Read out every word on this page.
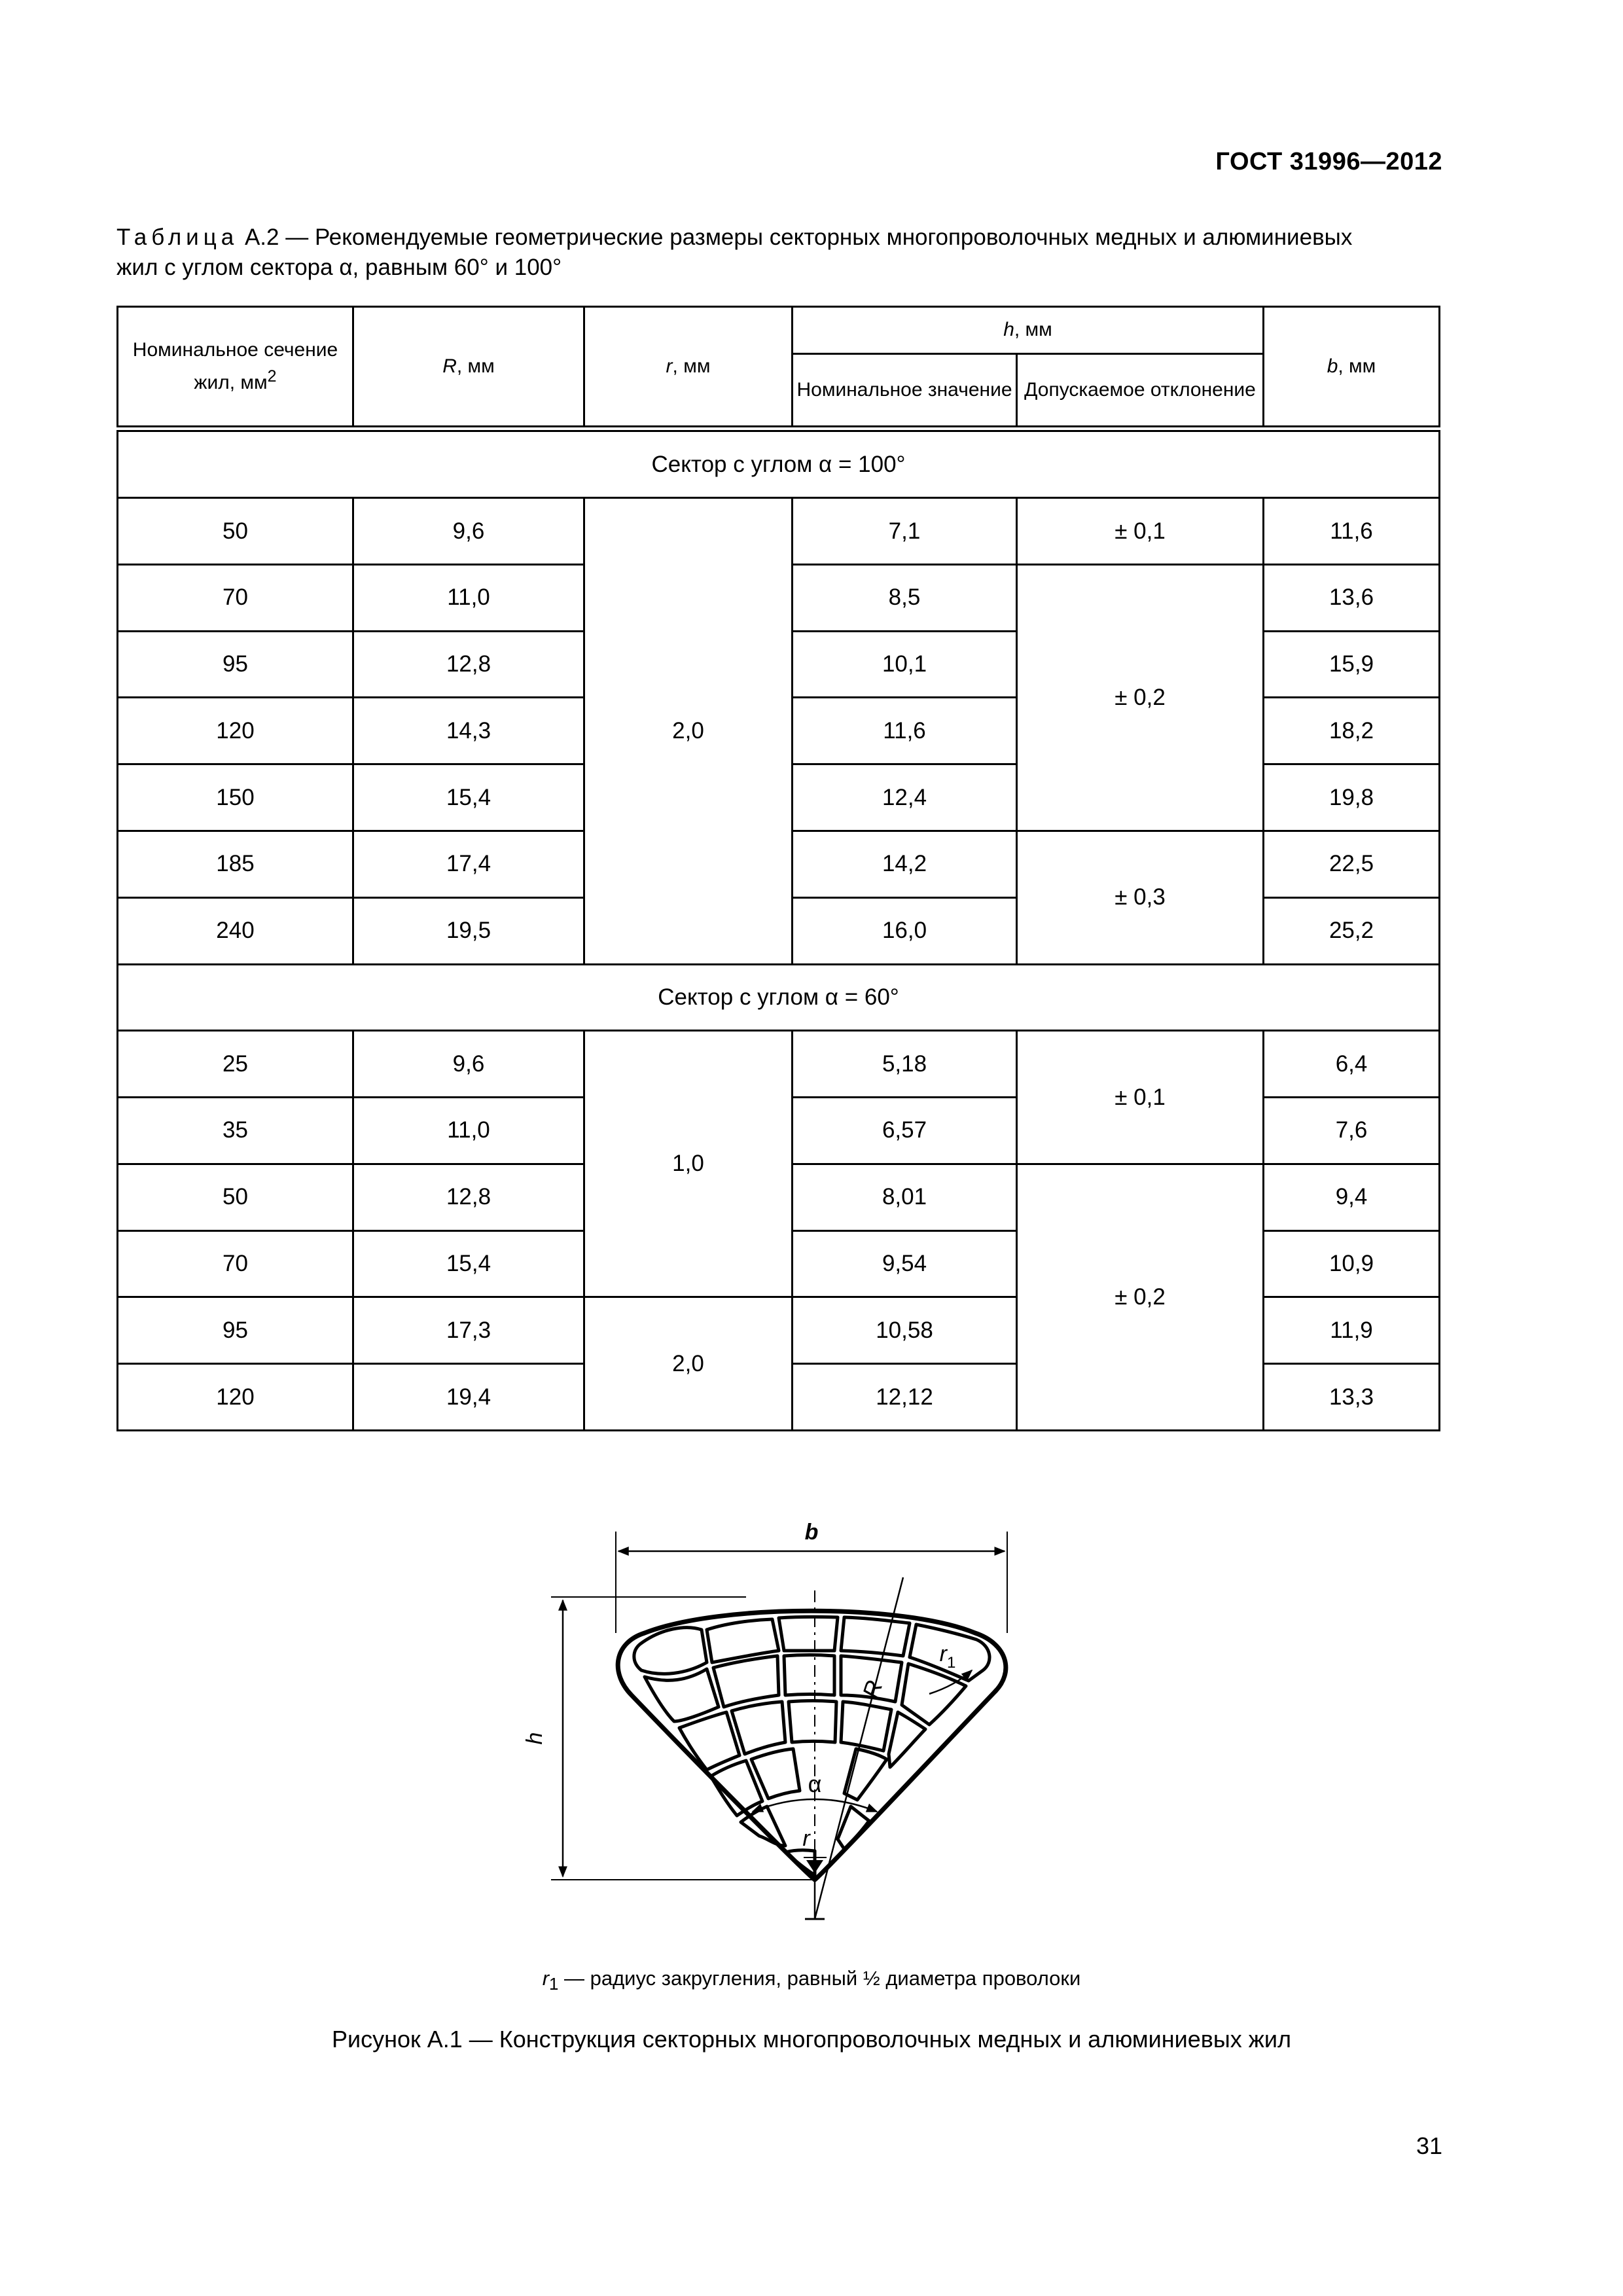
ГОСТ 31996—2012
Таблица А.2 — Рекомендуемые геометрические размеры секторных многопроволочных медных и алюминиевых
жил с углом сектора α, равным 60° и 100°
Номинальное сечение жил, $мм^2$	R, мм	r, мм	h, мм		b, мм
			Номинальное значение	Допускаемое отклонение	

Сектор с углом α = 100°					
50	9,6	2,0	7,1	± 0,1	11,6
70	11,0		8,5	± 0,2	13,6
95	12,8		10,1		15,9
120	14,3		11,6		18,2
150	15,4		12,4		19,8
185	17,4		14,2	± 0,3	22,5
240	19,5		16,0		25,2
Сектор с углом α = 60°					
25	9,6	1,0	5,18	± 0,1	6,4
35	11,0		6,57		7,6
50	12,8		8,01	± 0,2	9,4
70	15,4		9,54		10,9
95	17,3	2,0	10,58		11,9
120	19,4		12,12		13,3
b
h
α
r
R
$r_1$
$r_1$ — радиус закругления, равный ½ диаметра проволоки
Рисунок А.1 — Конструкция секторных многопроволочных медных и алюминиевых жил
31
